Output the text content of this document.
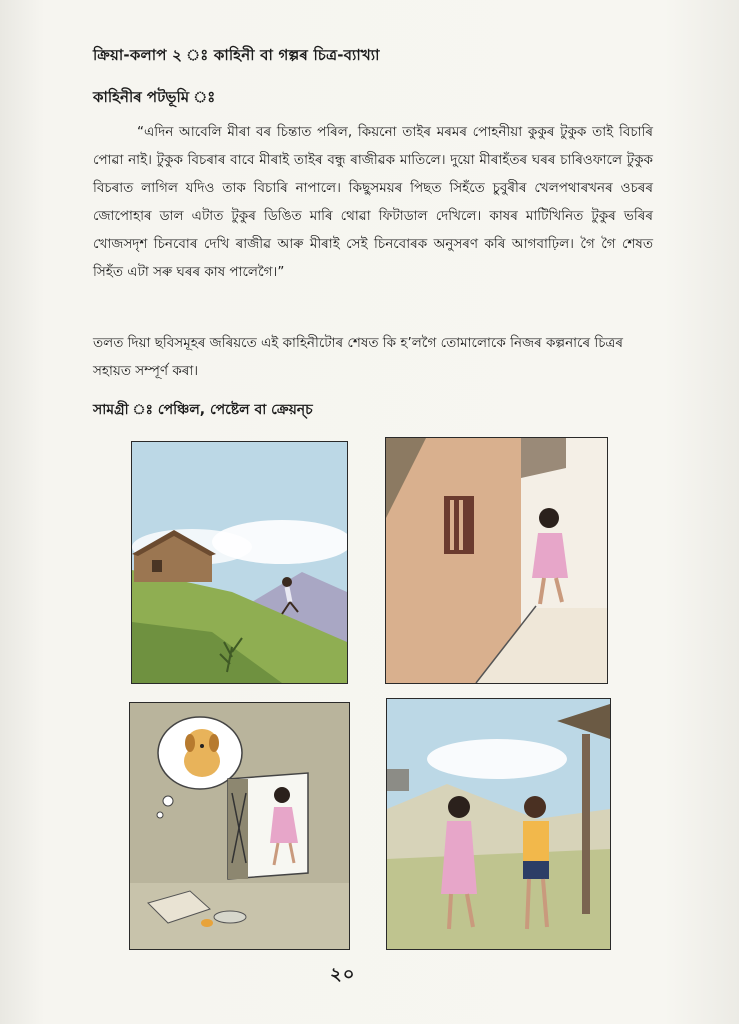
ক্ৰিয়া-কলাপ ২ ঃ কাহিনী বা গল্পৰ চিত্ৰ-ব্যাখ্যা
কাহিনীৰ পটভূমি ঃ

“এদিন আবেলি মীৰা বৰ চিন্তাত পৰিল, কিয়নো তাইৰ মৰমৰ পোহনীয়া কুকুৰ টুকুক তাই বিচাৰি পোৱা নাই। টুকুক বিচৰাৰ বাবে মীৰাই তাইৰ বন্ধু ৰাজীৱক মাতিলে। দুয়ো মীৰাহঁতৰ ঘৰৰ চাৰিওফালে টুকুক বিচৰাত লাগিল যদিও তাক বিচাৰি নাপালে। কিছুসময়ৰ পিছত সিহঁতে চুবুৰীৰ খেলপথাৰখনৰ ওচৰৰ জোপোহাৰ ডাল এটাত টুকুৰ ডিঙিত মাৰি থোৱা ফিটাডাল দেখিলে। কাষৰ মাটিখিনিত টুকুৰ ভৰিৰ খোজসদৃশ চিনবোৰ দেখি ৰাজীৱ আৰু মীৰাই সেই চিনবোৰক অনুসৰণ কৰি আগবাঢ়িল। গৈ গৈ শেষত সিহঁত এটা সৰু ঘৰৰ কাষ পালেগৈ।”

তলত দিয়া ছবিসমূহৰ জৰিয়তে এই কাহিনীটোৰ শেষত কি হ’লগৈ তোমালোকে নিজৰ কল্পনাৰে চিত্ৰৰ সহায়ত সম্পূৰ্ণ কৰা।

সামগ্ৰী ঃ পেঞ্চিল, পেষ্টেল বা ক্ৰেয়ন্চ
২০
